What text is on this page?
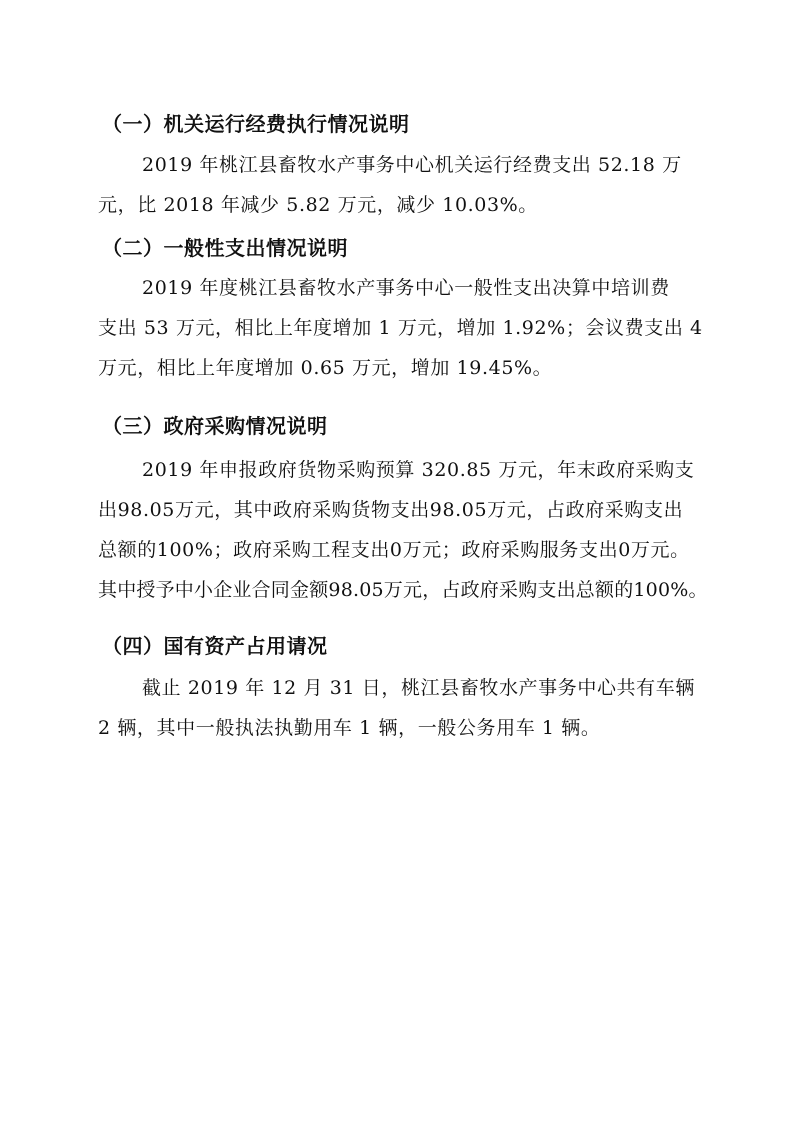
（一）机关运行经费执行情况说明
2019 年桃江县畜牧水产事务中心机关运行经费支出 52.18 万
元，比 2018 年减少 5.82 万元，减少 10.03%。
（二）一般性支出情况说明
2019 年度桃江县畜牧水产事务中心一般性支出决算中培训费
支出 53 万元，相比上年度增加 1 万元，增加 1.92%；会议费支出 4
万元，相比上年度增加 0.65 万元，增加 19.45%。
（三）政府采购情况说明
2019 年申报政府货物采购预算 320.85 万元，年末政府采购支
出98.05万元，其中政府采购货物支出98.05万元，占政府采购支出
总额的100%；政府采购工程支出0万元；政府采购服务支出0万元。
其中授予中小企业合同金额98.05万元，占政府采购支出总额的100%。
（四）国有资产占用请况
截止 2019 年 12 月 31 日，桃江县畜牧水产事务中心共有车辆
2 辆，其中一般执法执勤用车 1 辆，一般公务用车 1 辆。
